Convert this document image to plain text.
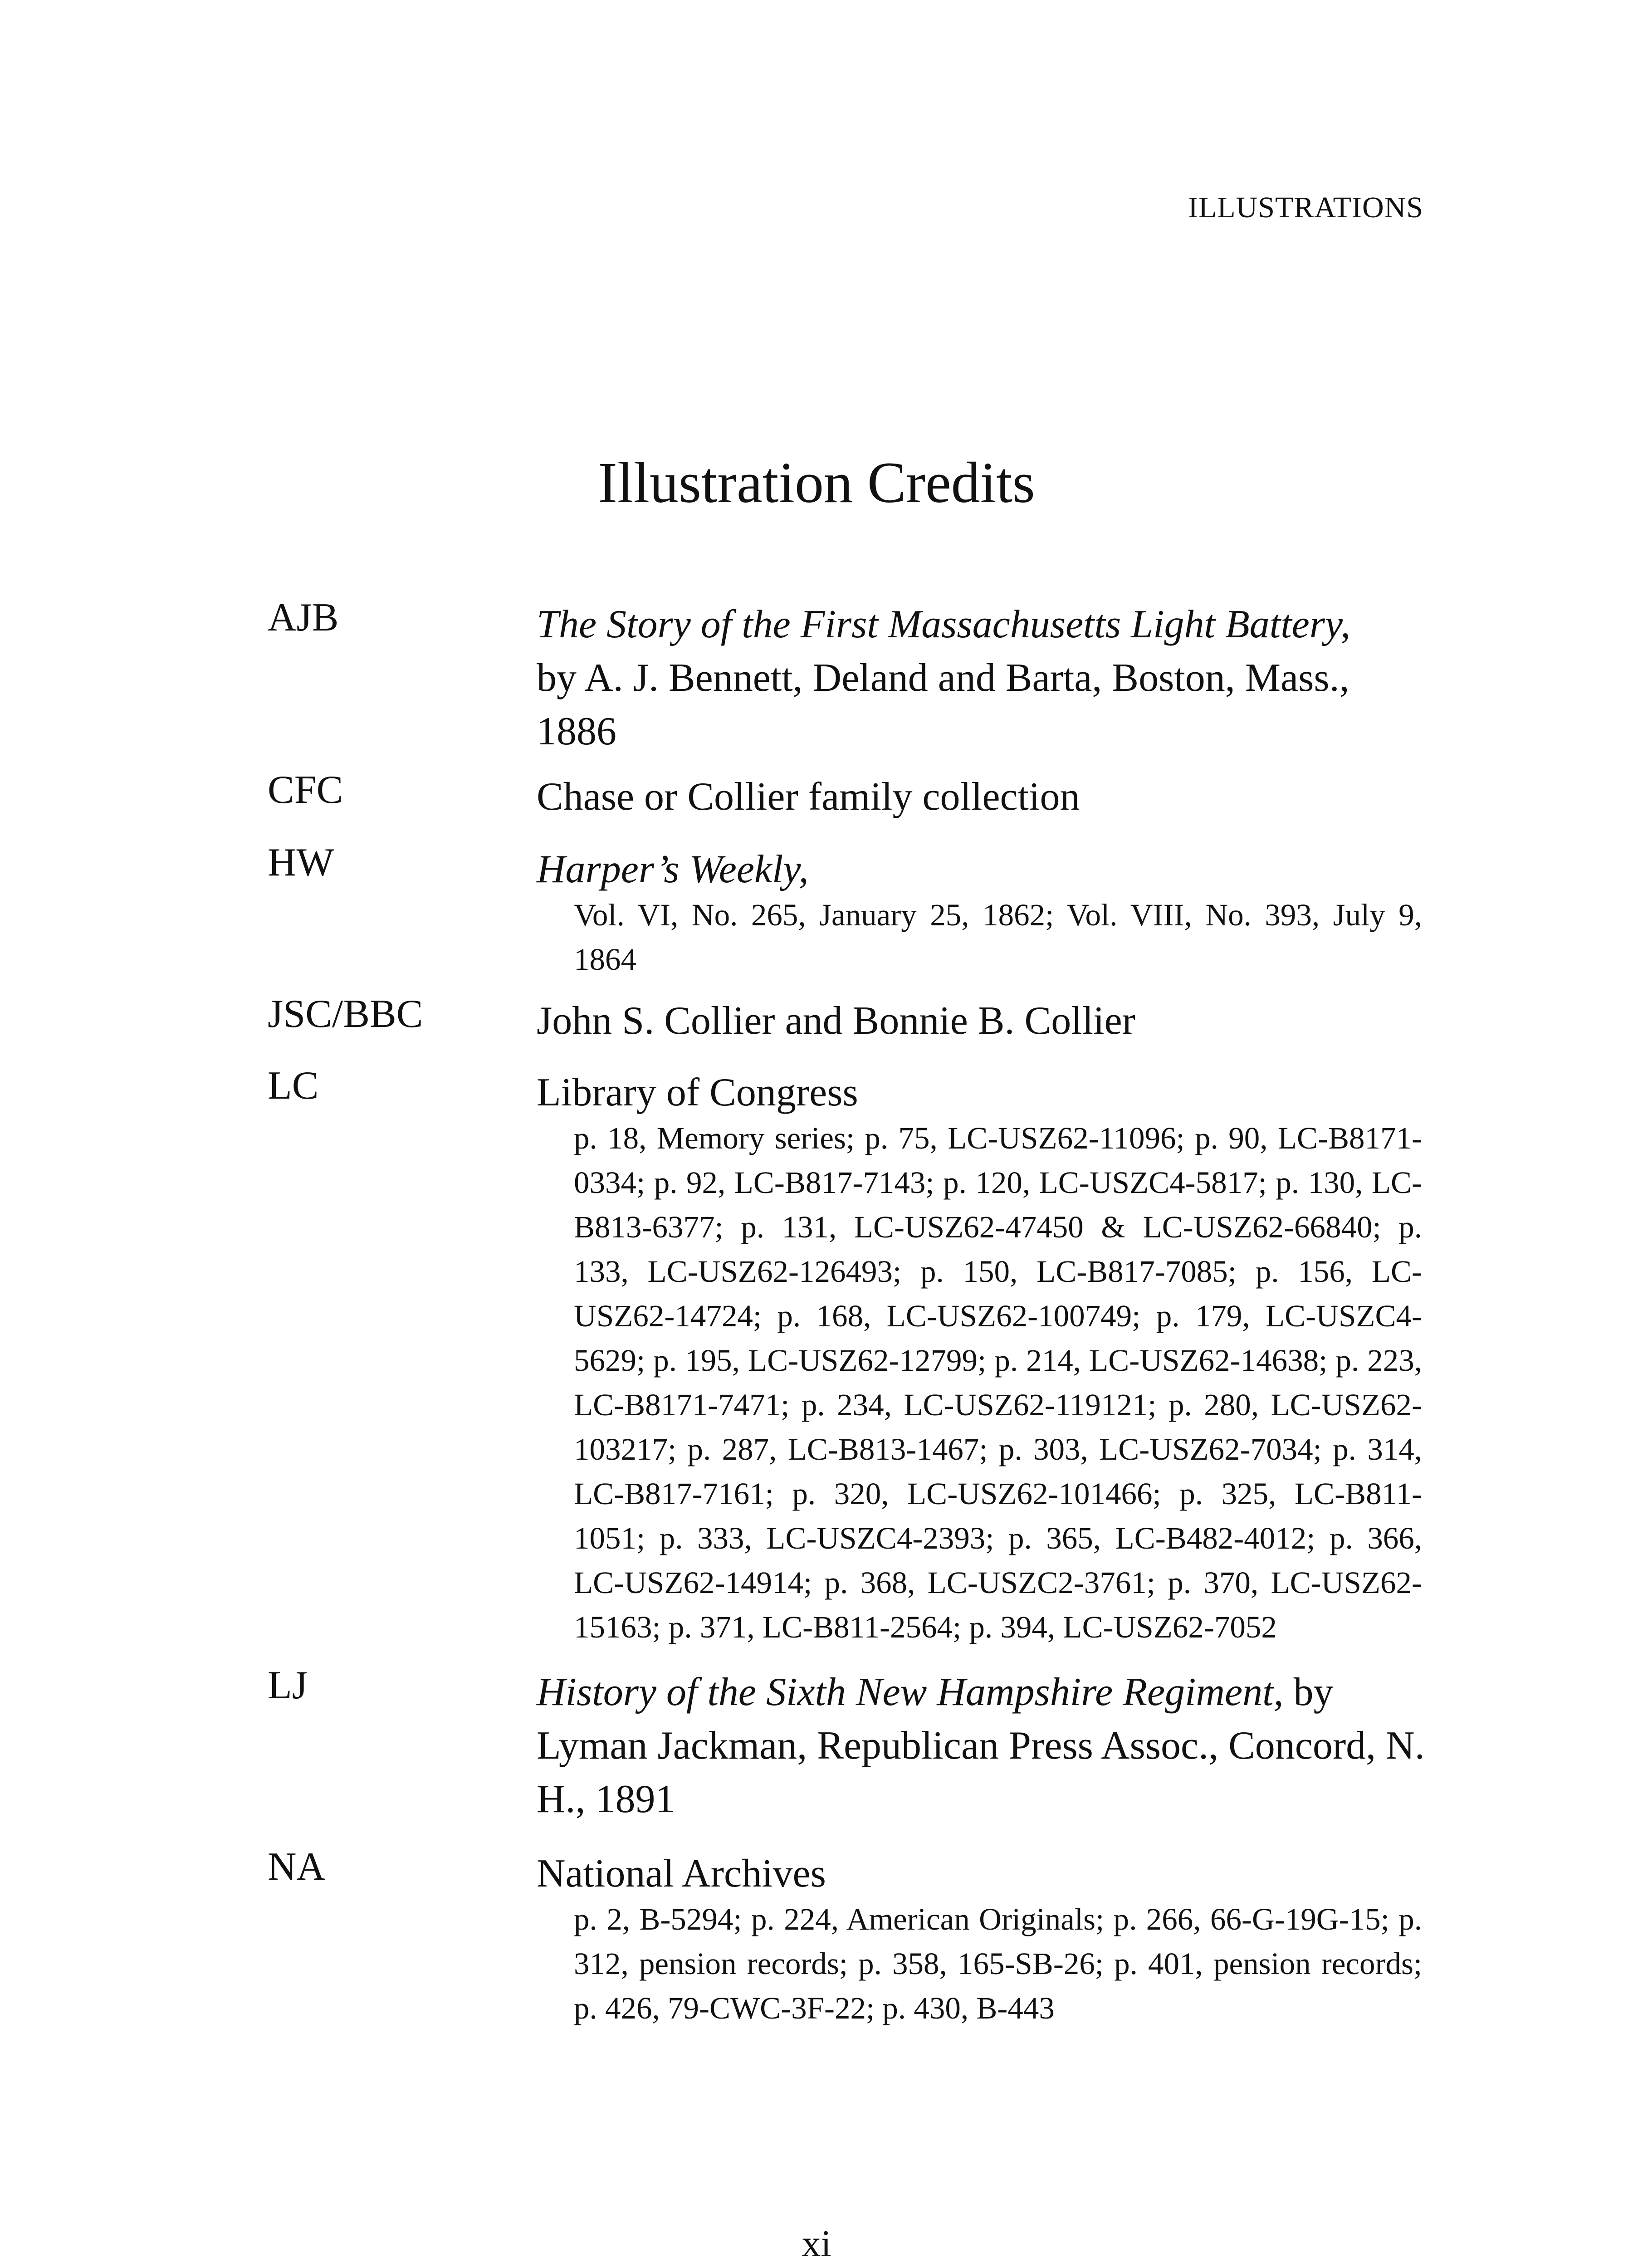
ILLUSTRATIONS
Illustration Credits
AJB	The Story of the First Massachusetts Light Battery,
by A. J. Bennett, Deland and Barta, Boston, Mass., 1886

CFC	Chase or Collier family collection

HW	Harper’s Weekly,

Vol. VI, No. 265, January 25, 1862; Vol. VIII, No. 393, July 9, 1864

JSC/BBC	John S. Collier and Bonnie B. Collier

LC	Library of Congress

p. 18, Memory series; p. 75, LC-USZ62-11096; p. 90, LC-B8171-0334; p. 92, LC-B817-7143; p. 120, LC-USZC4-5817; p. 130, LC-B813-6377; p. 131, LC-USZ62-47450 & LC-USZ62-66840; p. 133, LC-USZ62-126493; p. 150, LC-B817-7085; p. 156, LC-USZ62-14724; p. 168, LC-USZ62-100749; p. 179, LC-USZC4-5629; p. 195, LC-USZ62-12799; p. 214, LC-USZ62-14638; p. 223, LC-B8171-7471; p. 234, LC-USZ62-119121; p. 280, LC-USZ62-103217; p. 287, LC-B813-1467; p. 303, LC-USZ62-7034; p. 314, LC-B817-7161; p. 320, LC-USZ62-101466; p. 325, LC-B811-1051; p. 333, LC-USZC4-2393; p. 365, LC-B482-4012; p. 366, LC-USZ62-14914; p. 368, LC-USZC2-3761; p. 370, LC-USZ62-15163; p. 371, LC-B811-2564; p. 394, LC-USZ62-7052

LJ	History of the Sixth New Hampshire Regiment, by Lyman Jackman, Republican Press Assoc., Concord, N. H., 1891

NA	National Archives

p. 2, B-5294; p. 224, American Originals; p. 266, 66-G-19G-15; p. 312, pension records; p. 358, 165-SB-26; p. 401, pension records; p. 426, 79-CWC-3F-22; p. 430, B-443

xi
